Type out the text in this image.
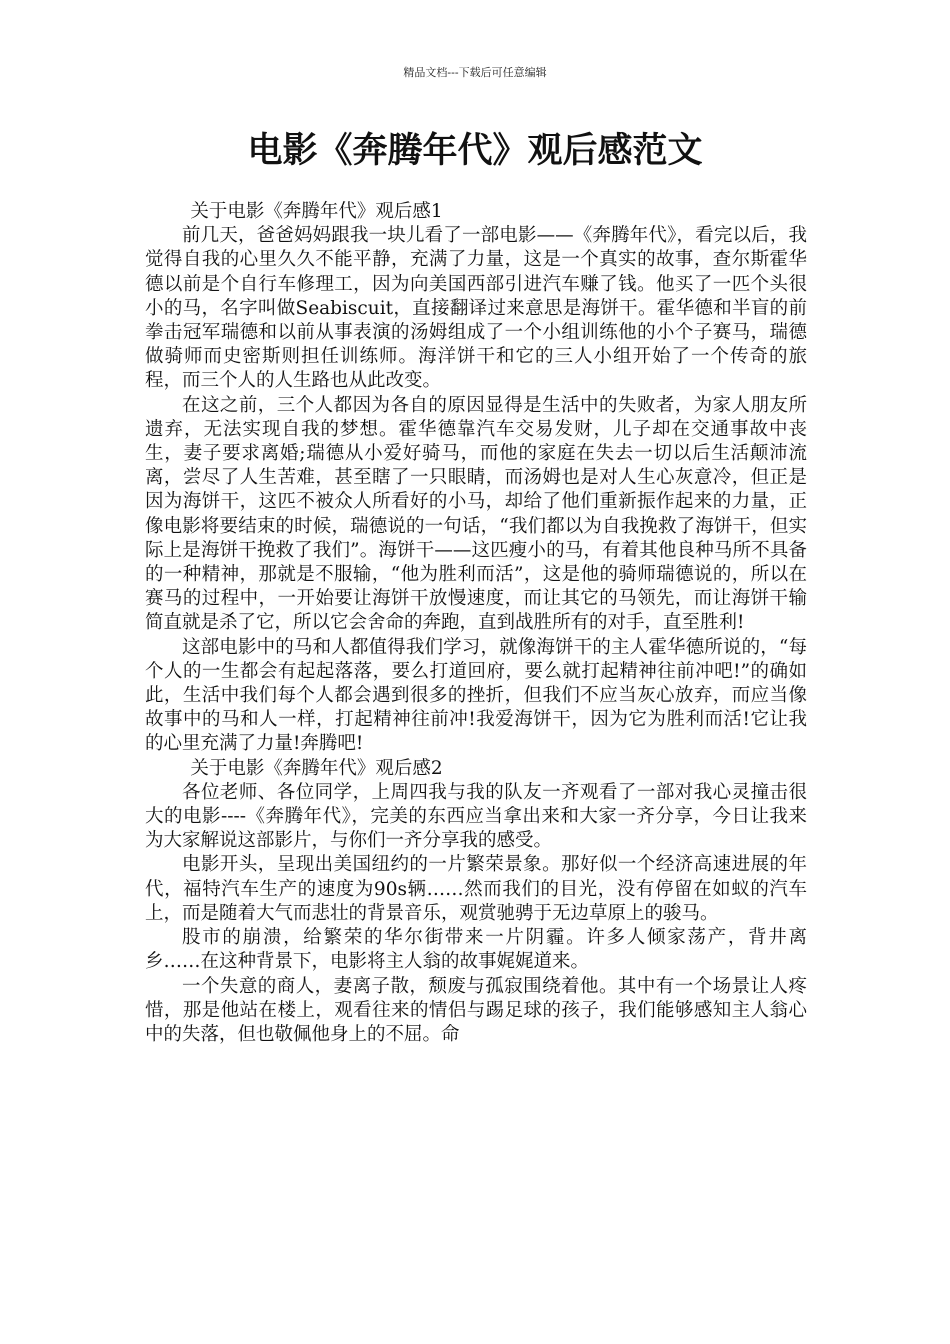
精品文档---下载后可任意编辑
电影《奔腾年代》观后感范文

关于电影《奔腾年代》观后感1

前几天，爸爸妈妈跟我一块儿看了一部电影——《奔腾年代》，看完以后，我觉得自我的心里久久不能平静，充满了力量，这是一个真实的故事，查尔斯霍华德以前是个自行车修理工，因为向美国西部引进汽车赚了钱。他买了一匹个头很小的马，名字叫做Seabiscuit，直接翻译过来意思是海饼干。霍华德和半盲的前拳击冠军瑞德和以前从事表演的汤姆组成了一个小组训练他的小个子赛马，瑞德做骑师而史密斯则担任训练师。海洋饼干和它的三人小组开始了一个传奇的旅程，而三个人的人生路也从此改变。

在这之前，三个人都因为各自的原因显得是生活中的失败者，为家人朋友所遗弃，无法实现自我的梦想。霍华德靠汽车交易发财，儿子却在交通事故中丧生，妻子要求离婚;瑞德从小爱好骑马，而他的家庭在失去一切以后生活颠沛流离，尝尽了人生苦难，甚至瞎了一只眼睛，而汤姆也是对人生心灰意冷，但正是因为海饼干，这匹不被众人所看好的小马，却给了他们重新振作起来的力量，正像电影将要结束的时候，瑞德说的一句话，“我们都以为自我挽救了海饼干，但实际上是海饼干挽救了我们”。海饼干——这匹瘦小的马，有着其他良种马所不具备的一种精神，那就是不服输，“他为胜利而活”，这是他的骑师瑞德说的，所以在赛马的过程中，一开始要让海饼干放慢速度，而让其它的马领先，而让海饼干输简直就是杀了它，所以它会舍命的奔跑，直到战胜所有的对手，直至胜利!

这部电影中的马和人都值得我们学习，就像海饼干的主人霍华德所说的，“每个人的一生都会有起起落落，要么打道回府，要么就打起精神往前冲吧!”的确如此，生活中我们每个人都会遇到很多的挫折，但我们不应当灰心放弃，而应当像故事中的马和人一样，打起精神往前冲!我爱海饼干，因为它为胜利而活!它让我的心里充满了力量!奔腾吧!

关于电影《奔腾年代》观后感2

各位老师、各位同学，上周四我与我的队友一齐观看了一部对我心灵撞击很大的电影----《奔腾年代》，完美的东西应当拿出来和大家一齐分享，今日让我来为大家解说这部影片，与你们一齐分享我的感受。

电影开头，呈现出美国纽约的一片繁荣景象。那好似一个经济高速进展的年代，福特汽车生产的速度为90s辆……然而我们的目光，没有停留在如蚁的汽车上，而是随着大气而悲壮的背景音乐，观赏驰骋于无边草原上的骏马。

股市的崩溃，给繁荣的华尔街带来一片阴霾。许多人倾家荡产，背井离乡……在这种背景下，电影将主人翁的故事娓娓道来。

一个失意的商人，妻离子散，颓废与孤寂围绕着他。其中有一个场景让人疼惜，那是他站在楼上，观看往来的情侣与踢足球的孩子，我们能够感知主人翁心中的失落，但也敬佩他身上的不屈。命
